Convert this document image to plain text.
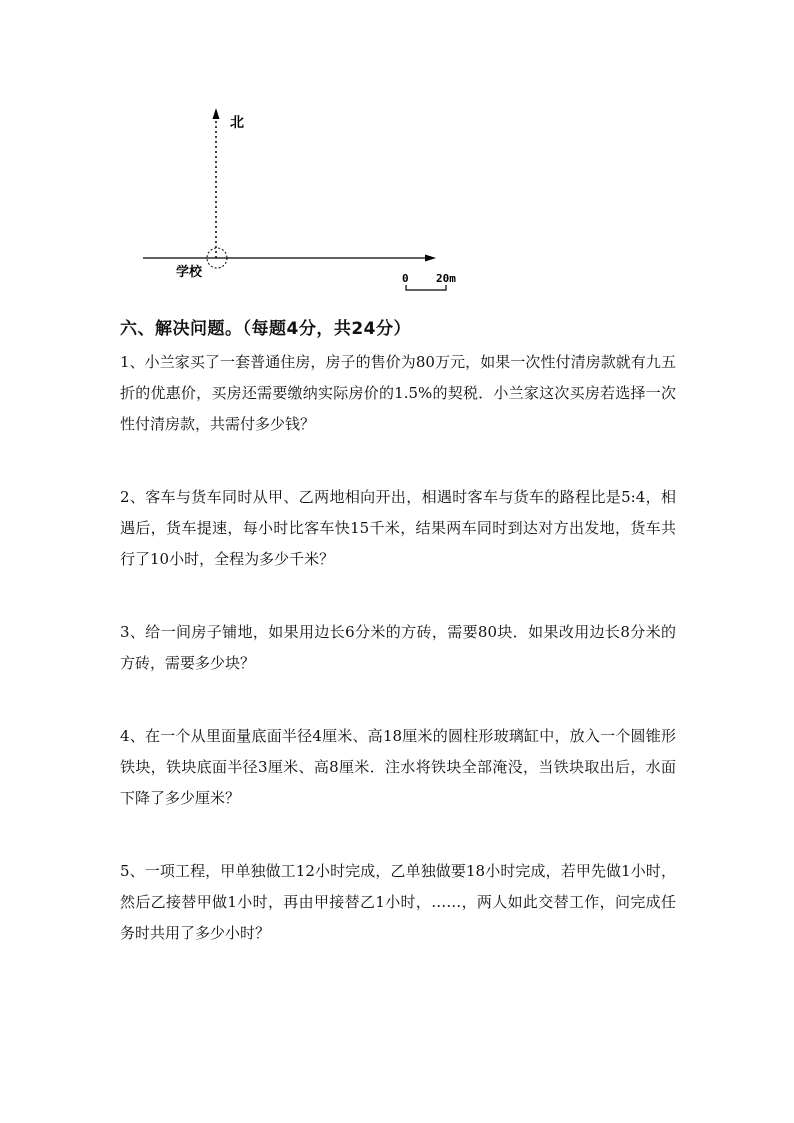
北
学校	0 20m
六、解决问题。（每题4分，共24分）
1、小兰家买了一套普通住房，房子的售价为80万元，如果一次性付清房款就有九五折的优惠价，买房还需要缴纳实际房价的1.5%的契税．小兰家这次买房若选择一次性付清房款，共需付多少钱？
2、客车与货车同时从甲、乙两地相向开出，相遇时客车与货车的路程比是5:4，相遇后，货车提速，每小时比客车快15千米，结果两车同时到达对方出发地，货车共行了10小时，全程为多少千米？
3、给一间房子铺地，如果用边长6分米的方砖，需要80块．如果改用边长8分米的方砖，需要多少块？
4、在一个从里面量底面半径4厘米、高18厘米的圆柱形玻璃缸中，放入一个圆锥形铁块，铁块底面半径3厘米、高8厘米．注水将铁块全部淹没，当铁块取出后，水面下降了多少厘米？
5、一项工程，甲单独做工12小时完成，乙单独做要18小时完成，若甲先做1小时，然后乙接替甲做1小时，再由甲接替乙1小时，……，两人如此交替工作，问完成任务时共用了多少小时？
